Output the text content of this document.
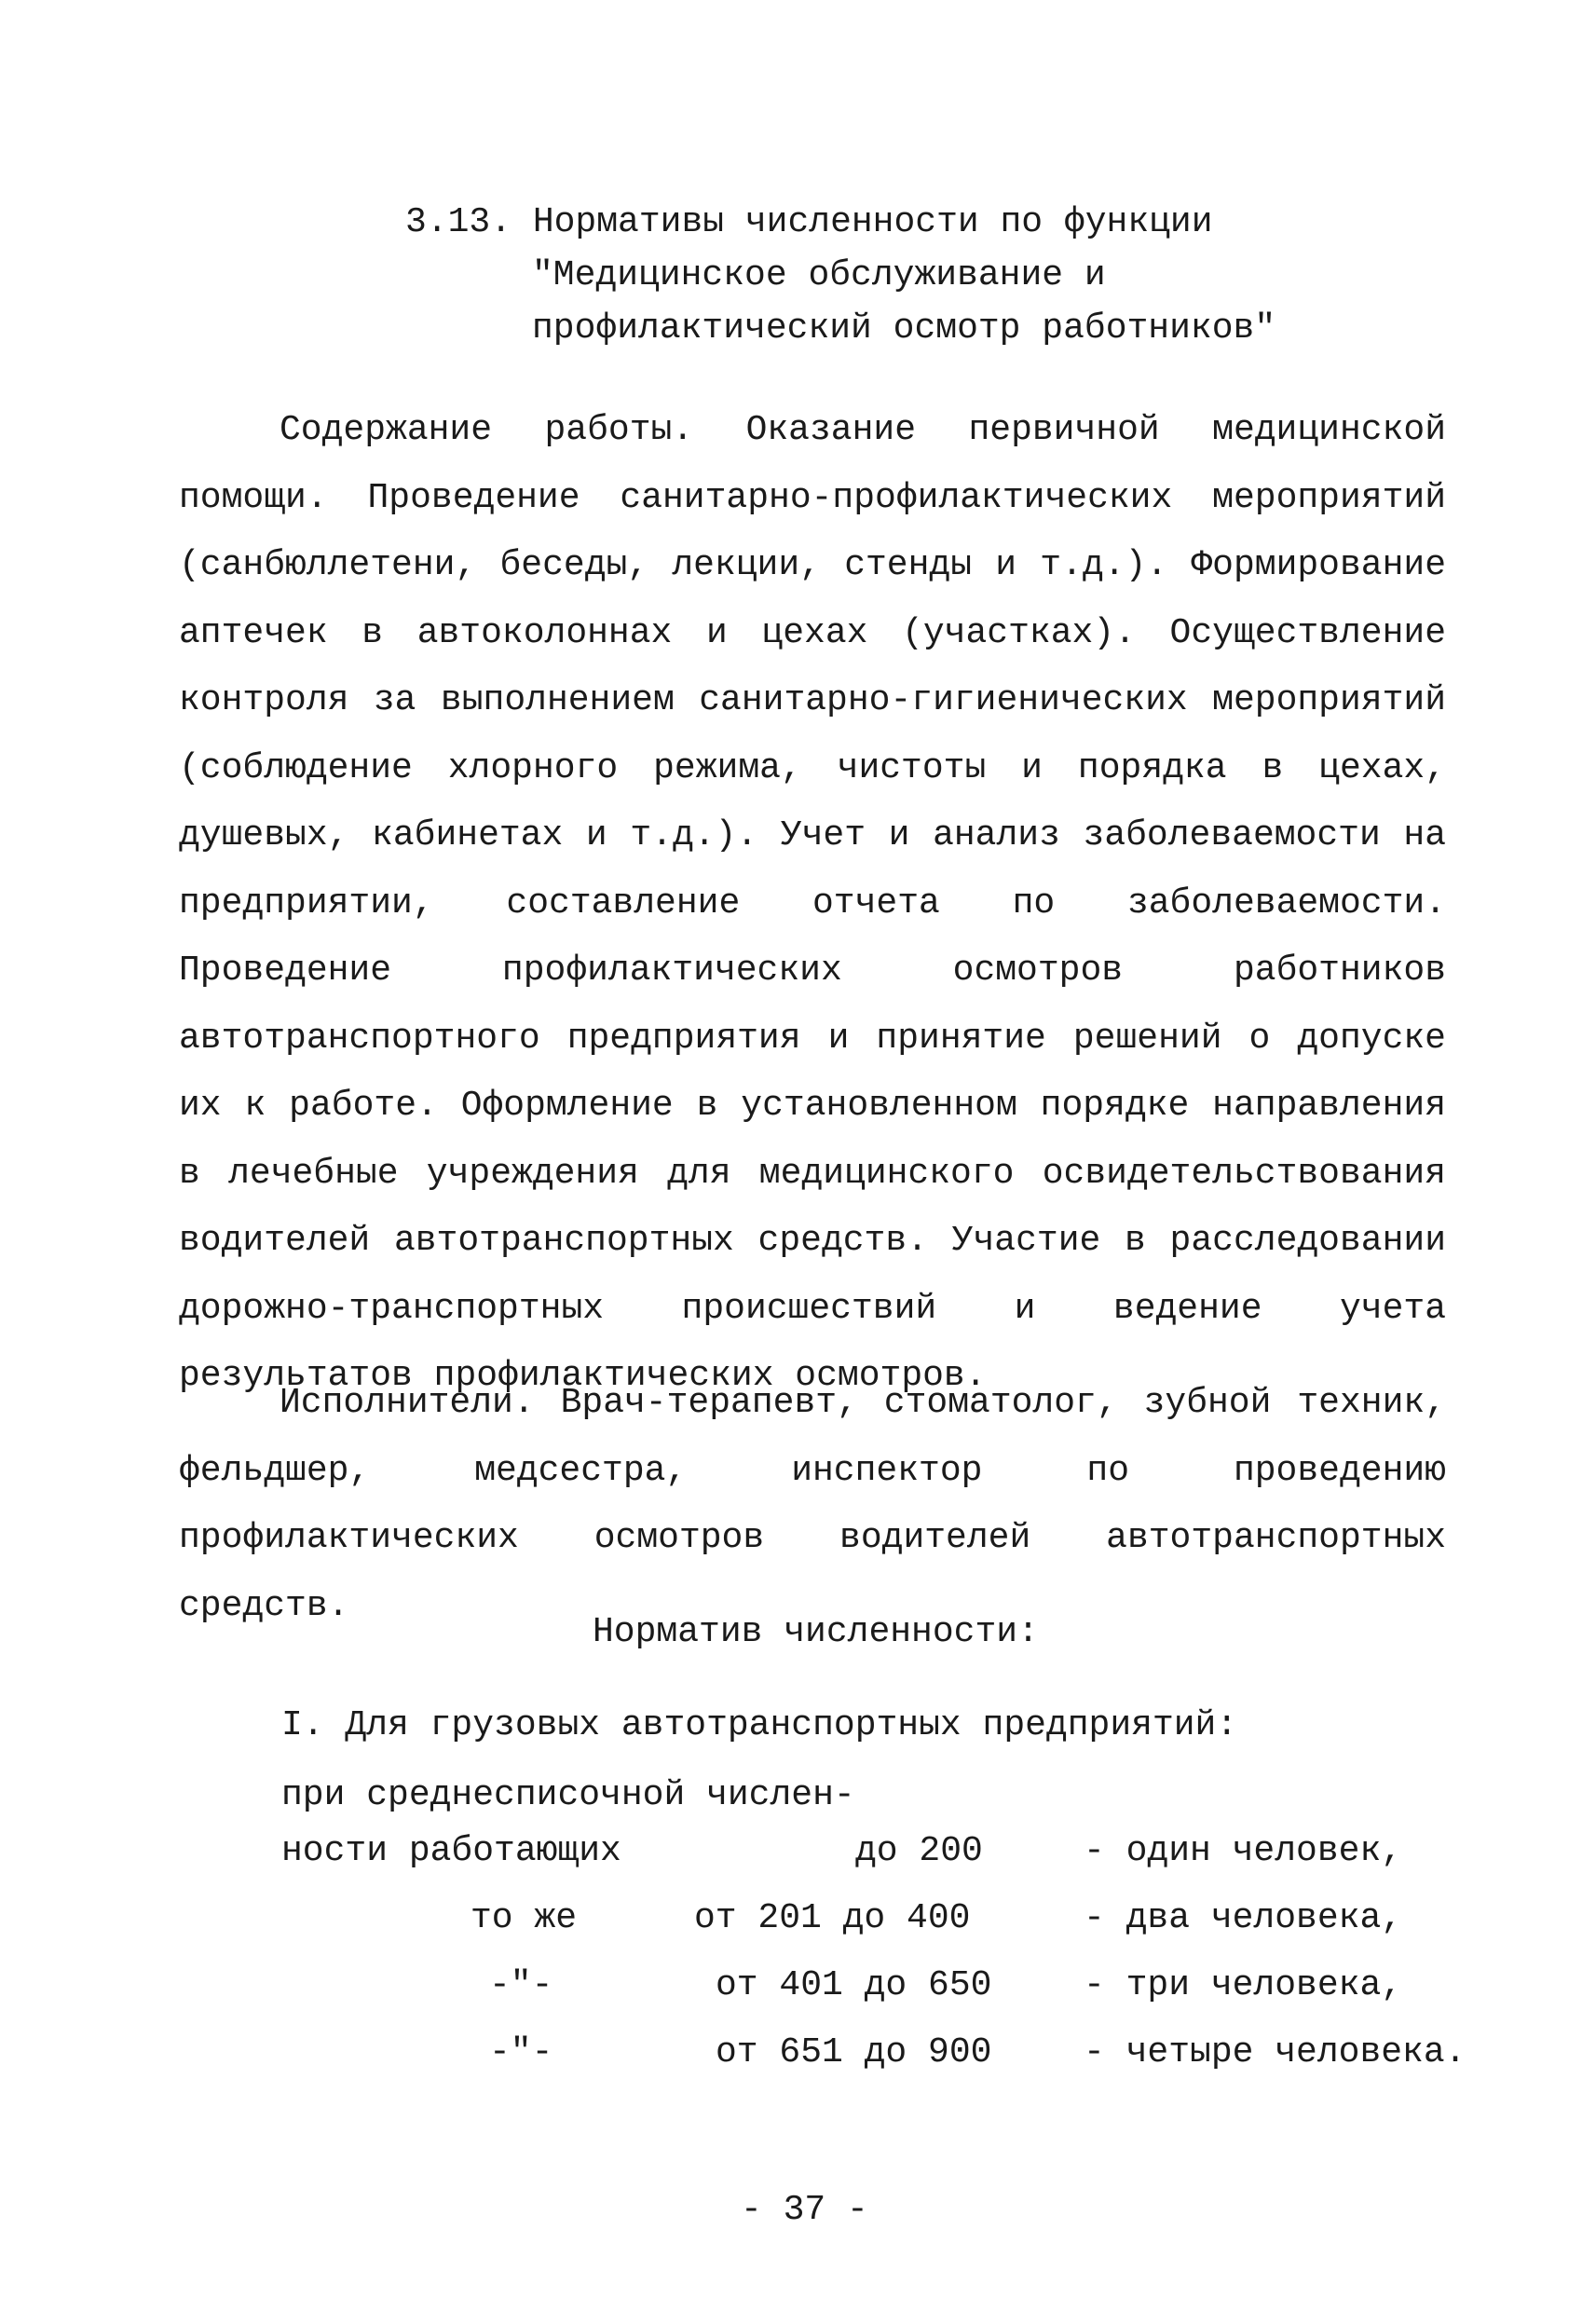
3.13. Нормативы численности по функции
"Медицинское обслуживание и
профилактический осмотр работников"
Содержание работы. Оказание первичной медицинской помощи. Проведение санитарно-профилактических мероприятий (санбюллетени, беседы, лекции, стенды и т.д.). Формирование аптечек в автоколоннах и цехах (участках). Осуществление контроля за выполнением санитарно-гигиенических мероприятий (соблюдение хлорного режима, чистоты и порядка в цехах, душевых, кабинетах и т.д.). Учет и анализ заболеваемости на предприятии, составление отчета по заболеваемости. Проведение профилактических осмотров работников автотранспортного предприятия и принятие решений о допуске их к работе. Оформление в установленном порядке направления в лечебные учреждения для медицинского освидетельствования водителей автотранспортных средств. Участие в расследовании дорожно-транспортных происшествий и ведение учета результатов профилактических осмотров.
Исполнители. Врач-терапевт, стоматолог, зубной техник, фельдшер, медсестра, инспектор по проведению профилактических осмотров водителей автотранспортных средств.
Норматив численности:
I. Для грузовых автотранспортных предприятий:
при среднесписочной числен-
ности работающих	до 200	- один человек,
то же	от 201 до 400	- два человека,
-"-	от 401 до 650	- три человека,
-"-	от 651 до 900	- четыре человека.
- 37 -
